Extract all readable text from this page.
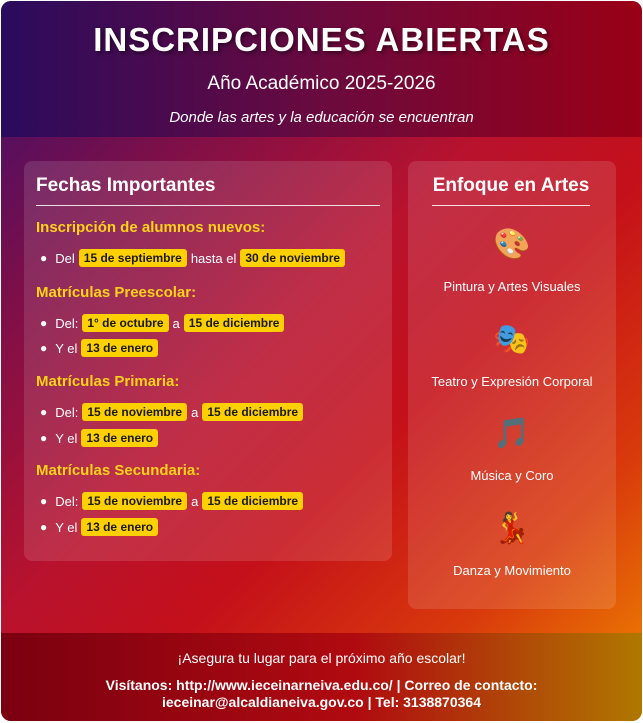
INSCRIPCIONES ABIERTAS
Año Académico 2025-2026
Donde las artes y la educación se encuentran
Fechas Importantes
Inscripción de alumnos nuevos:
● Del 15 de septiembre hasta el 30 de noviembre
Matrículas Preescolar:
● Del: 1° de octubre a 15 de diciembre
● Y el 13 de enero
Matrículas Primaria:
● Del: 15 de noviembre a 15 de diciembre
● Y el 13 de enero
Matrículas Secundaria:
● Del: 15 de noviembre a 15 de diciembre
● Y el 13 de enero
Enfoque en Artes
🎨
Pintura y Artes Visuales
🎭
Teatro y Expresión Corporal
🎵
Música y Coro
💃
Danza y Movimiento
¡Asegura tu lugar para el próximo año escolar!
Visítanos: http://www.ieceinarneiva.edu.co/ | Correo de contacto: ieceinar@alcaldianeiva.gov.co | Tel: 3138870364
